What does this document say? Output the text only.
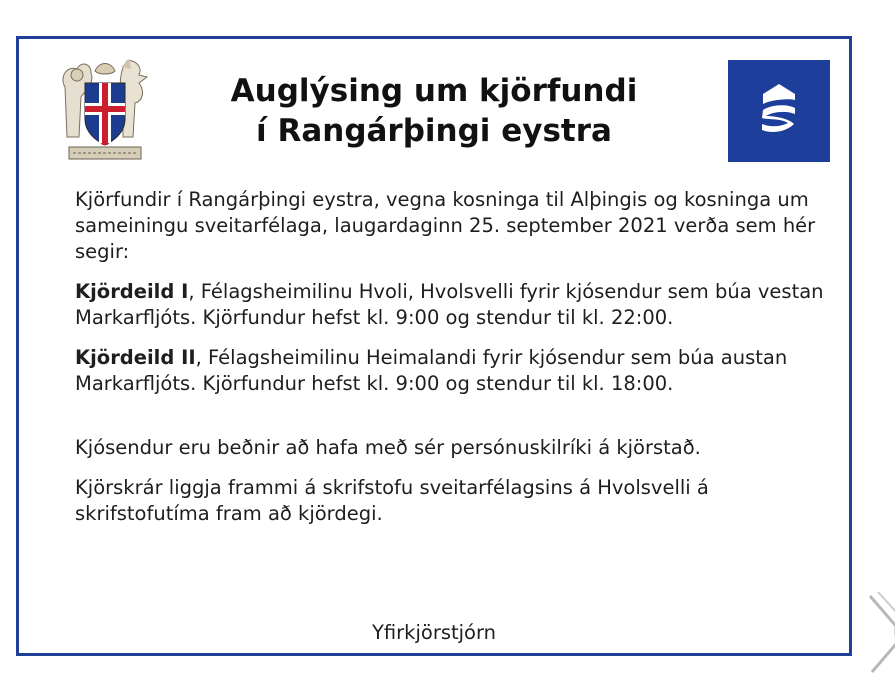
Auglýsing um kjörfundi
í Rangárþingi eystra

Kjörfundir í Rangárþingi eystra, vegna kosninga til Alþingis og kosninga um sameiningu sveitarfélaga, laugardaginn 25. september 2021 verða sem hér segir:

Kjördeild I, Félagsheimilinu Hvoli, Hvolsvelli fyrir kjósendur sem búa vestan Markarfljóts. Kjörfundur hefst kl. 9:00 og stendur til kl. 22:00.

Kjördeild II, Félagsheimilinu Heimalandi fyrir kjósendur sem búa austan Markarfljóts. Kjörfundur hefst kl. 9:00 og stendur til kl. 18:00.

Kjósendur eru beðnir að hafa með sér persónuskilríki á kjörstað.

Kjörskrár liggja frammi á skrifstofu sveitarfélagsins á Hvolsvelli á skrifstofutíma fram að kjördegi.

Yfirkjörstjórn
